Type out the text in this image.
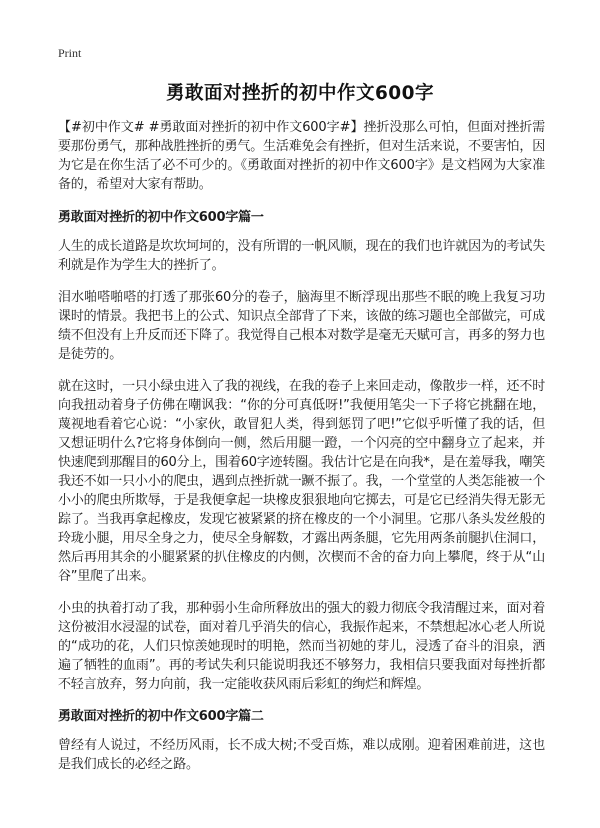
Print
勇敢面对挫折的初中作文600字

【#初中作文# #勇敢面对挫折的初中作文600字#】挫折没那么可怕，但面对挫折需要那份勇气，那种战胜挫折的勇气。生活难免会有挫折，但对生活来说，不要害怕，因为它是在你生活了必不可少的。《勇敢面对挫折的初中作文600字》是文档网为大家准备的，希望对大家有帮助。

勇敢面对挫折的初中作文600字篇一

人生的成长道路是坎坎坷坷的，没有所谓的一帆风顺，现在的我们也许就因为的考试失利就是作为学生大的挫折了。

泪水啪嗒啪嗒的打透了那张60分的卷子，脑海里不断浮现出那些不眠的晚上我复习功课时的情景。我把书上的公式、知识点全部背了下来，该做的练习题也全部做完，可成绩不但没有上升反而还下降了。我觉得自己根本对数学是毫无天赋可言，再多的努力也是徒劳的。

就在这时，一只小绿虫进入了我的视线，在我的卷子上来回走动，像散步一样，还不时向我扭动着身子仿佛在嘲讽我：“你的分可真低呀!”我便用笔尖一下子将它挑翻在地，蔑视地看着它心说：“小家伙，敢冒犯人类，得到惩罚了吧!”它似乎听懂了我的话，但又想证明什么?它将身体倒向一侧，然后用腿一蹬，一个闪亮的空中翻身立了起来，并快速爬到那醒目的60分上，围着60字迹转圈。我估计它是在向我*，是在羞辱我，嘲笑我还不如一只小小的爬虫，遇到点挫折就一蹶不振了。我，一个堂堂的人类怎能被一个小小的爬虫所欺辱，于是我便拿起一块橡皮狠狠地向它掷去，可是它已经消失得无影无踪了。当我再拿起橡皮，发现它被紧紧的挤在橡皮的一个小洞里。它那八条头发丝般的玲珑小腿，用尽全身之力，使尽全身解数，才露出两条腿，它先用两条前腿扒住洞口，然后再用其余的小腿紧紧的扒住橡皮的内侧，次楔而不舍的奋力向上攀爬，终于从“山谷”里爬了出来。

小虫的执着打动了我，那种弱小生命所释放出的强大的毅力彻底令我清醒过来，面对着这份被泪水浸湿的试卷，面对着几乎消失的信心，我振作起来，不禁想起冰心老人所说的“成功的花，人们只惊羡她现时的明艳，然而当初她的芽儿，浸透了奋斗的泪泉，洒遍了牺牲的血雨”。再的考试失利只能说明我还不够努力，我相信只要我面对每挫折都不轻言放弃，努力向前，我一定能收获风雨后彩虹的绚烂和辉煌。

勇敢面对挫折的初中作文600字篇二

曾经有人说过，不经历风雨，长不成大树;不受百炼，难以成刚。迎着困难前进，这也是我们成长的必经之路。
